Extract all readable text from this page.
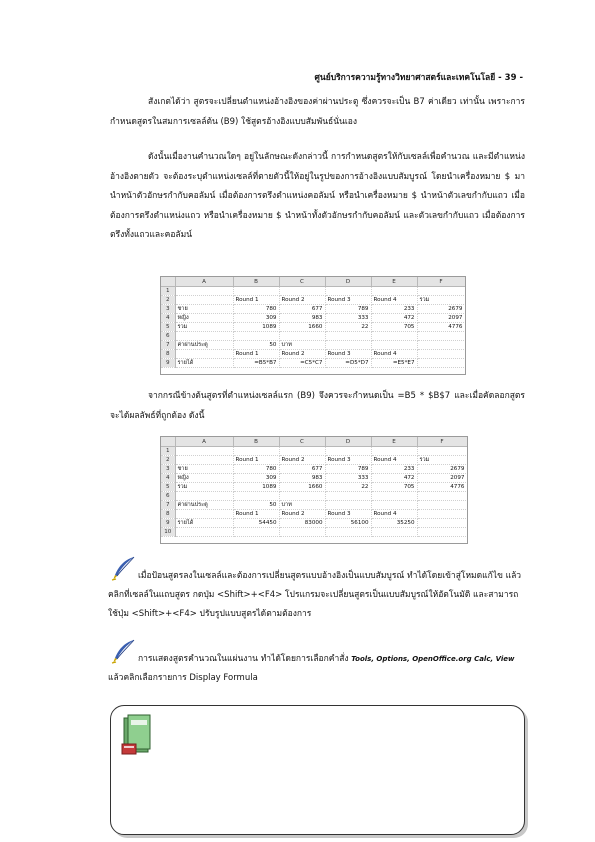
ศูนย์บริการความรู้ทางวิทยาศาสตร์และเทคโนโลยี - 39 -
สังเกตได้ว่า สูตรจะเปลี่ยนตำแหน่งอ้างอิงของค่าผ่านประตู ซึ่งควรจะเป็น B7 ค่าเดียว เท่านั้น เพราะการกำหนดสูตรในสมการเซลล์ต้น (B9) ใช้สูตรอ้างอิงแบบสัมพันธ์นั่นเอง
ดังนั้นเมื่องานคำนวณใดๆ อยู่ในลักษณะดังกล่าวนี้ การกำหนดสูตรให้กับเซลล์เพื่อคำนวณ และมีตำแหน่งอ้างอิงตายตัว จะต้องระบุตำแหน่งเซลล์ที่ตายตัวนี้ให้อยู่ในรูปของการอ้างอิงแบบสัมบูรณ์ โดยนำเครื่องหมาย $ มานำหน้าตัวอักษรกำกับคอลัมน์ เมื่อต้องการตรึงตำแหน่งคอลัมน์ หรือนำเครื่องหมาย $ นำหน้าตัวเลขกำกับแถว เมื่อต้องการตรึงตำแหน่งแถว หรือนำเครื่องหมาย $ นำหน้าทั้งตัวอักษรกำกับคอลัมน์ และตัวเลขกำกับแถว เมื่อต้องการตรึงทั้งแถวและคอลัมน์
	A	B	C	D	E	F
1						
2		Round 1	Round 2	Round 3	Round 4	รวม
3	ชาย	780	677	789	233	2679
4	หญิง	309	983	333	472	2097
5	รวม	1089	1660	22	705	4776
6						
7	ค่าผ่านประตู	50	บาท			
8		Round 1	Round 2	Round 3	Round 4	
9	รายได้	=B5*B7	=C5*C7	=D5*D7	=E5*E7	
จากกรณีข้างต้นสูตรที่ตำแหน่งเซลล์แรก (B9) จึงควรจะกำหนดเป็น =B5 * $B$7 และเมื่อคัดลอกสูตร จะได้ผลลัพธ์ที่ถูกต้อง ดังนี้
	A	B	C	D	E	F
1						
2		Round 1	Round 2	Round 3	Round 4	รวม
3	ชาย	780	677	789	233	2679
4	หญิง	309	983	333	472	2097
5	รวม	1089	1660	22	705	4776
6						
7	ค่าผ่านประตู	50	บาท			
8		Round 1	Round 2	Round 3	Round 4	
9	รายได้	54450	83000	56100	35250	
10						
เมื่อป้อนสูตรลงในเซลล์และต้องการเปลี่ยนสูตรแบบอ้างอิงเป็นแบบสัมบูรณ์ ทำได้โดยเข้าสู่โหมดแก้ไข แล้วคลิกที่เซลล์ในแถบสูตร กดปุ่ม <Shift>+<F4> โปรแกรมจะเปลี่ยนสูตรเป็นแบบสัมบูรณ์ให้อัตโนมัติ และสามารถใช้ปุ่ม <Shift>+<F4> ปรับรูปแบบสูตรได้ตามต้องการ
การแสดงสูตรคำนวณในแผ่นงาน ทำได้โดยการเลือกคำสั่ง Tools, Options, OpenOffice.org Calc, View แล้วคลิกเลือกรายการ Display Formula
